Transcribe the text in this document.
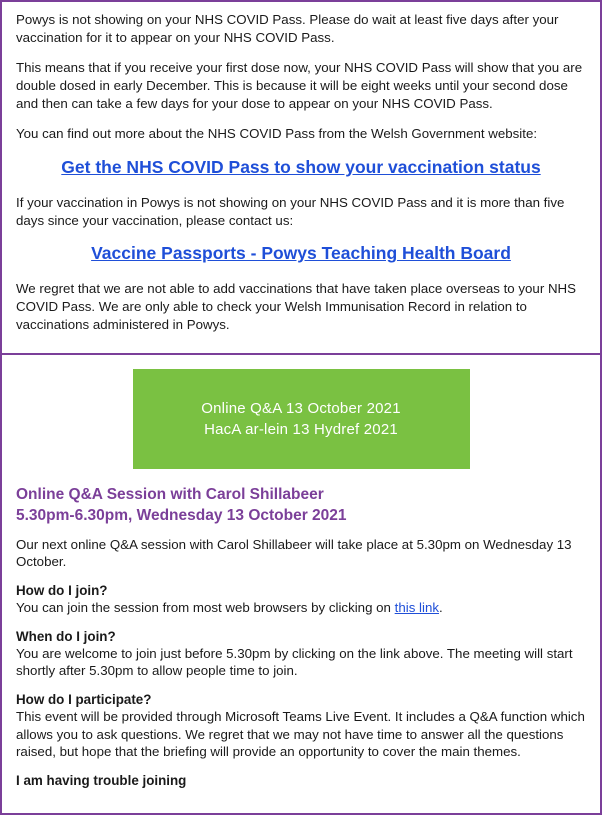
Powys is not showing on your NHS COVID Pass. Please do wait at least five days after your vaccination for it to appear on your NHS COVID Pass.

This means that if you receive your first dose now, your NHS COVID Pass will show that you are double dosed in early December. This is because it will be eight weeks until your second dose and then can take a few days for your dose to appear on your NHS COVID Pass.

You can find out more about the NHS COVID Pass from the Welsh Government website:

Get the NHS COVID Pass to show your vaccination status

If your vaccination in Powys is not showing on your NHS COVID Pass and it is more than five days since your vaccination, please contact us:

Vaccine Passports - Powys Teaching Health Board

We regret that we are not able to add vaccinations that have taken place overseas to your NHS COVID Pass. We are only able to check your Welsh Immunisation Record in relation to vaccinations administered in Powys.

Online Q&A 13 October 2021
HacA ar-lein 13 Hydref 2021
Online Q&A Session with Carol Shillabeer
5.30pm-6.30pm, Wednesday 13 October 2021

Our next online Q&A session with Carol Shillabeer will take place at 5.30pm on Wednesday 13 October.

How do I join?

You can join the session from most web browsers by clicking on this link.

When do I join?

You are welcome to join just before 5.30pm by clicking on the link above. The meeting will start shortly after 5.30pm to allow people time to join.

How do I participate?

This event will be provided through Microsoft Teams Live Event. It includes a Q&A function which allows you to ask questions. We regret that we may not have time to answer all the questions raised, but hope that the briefing will provide an opportunity to cover the main themes.

I am having trouble joining
